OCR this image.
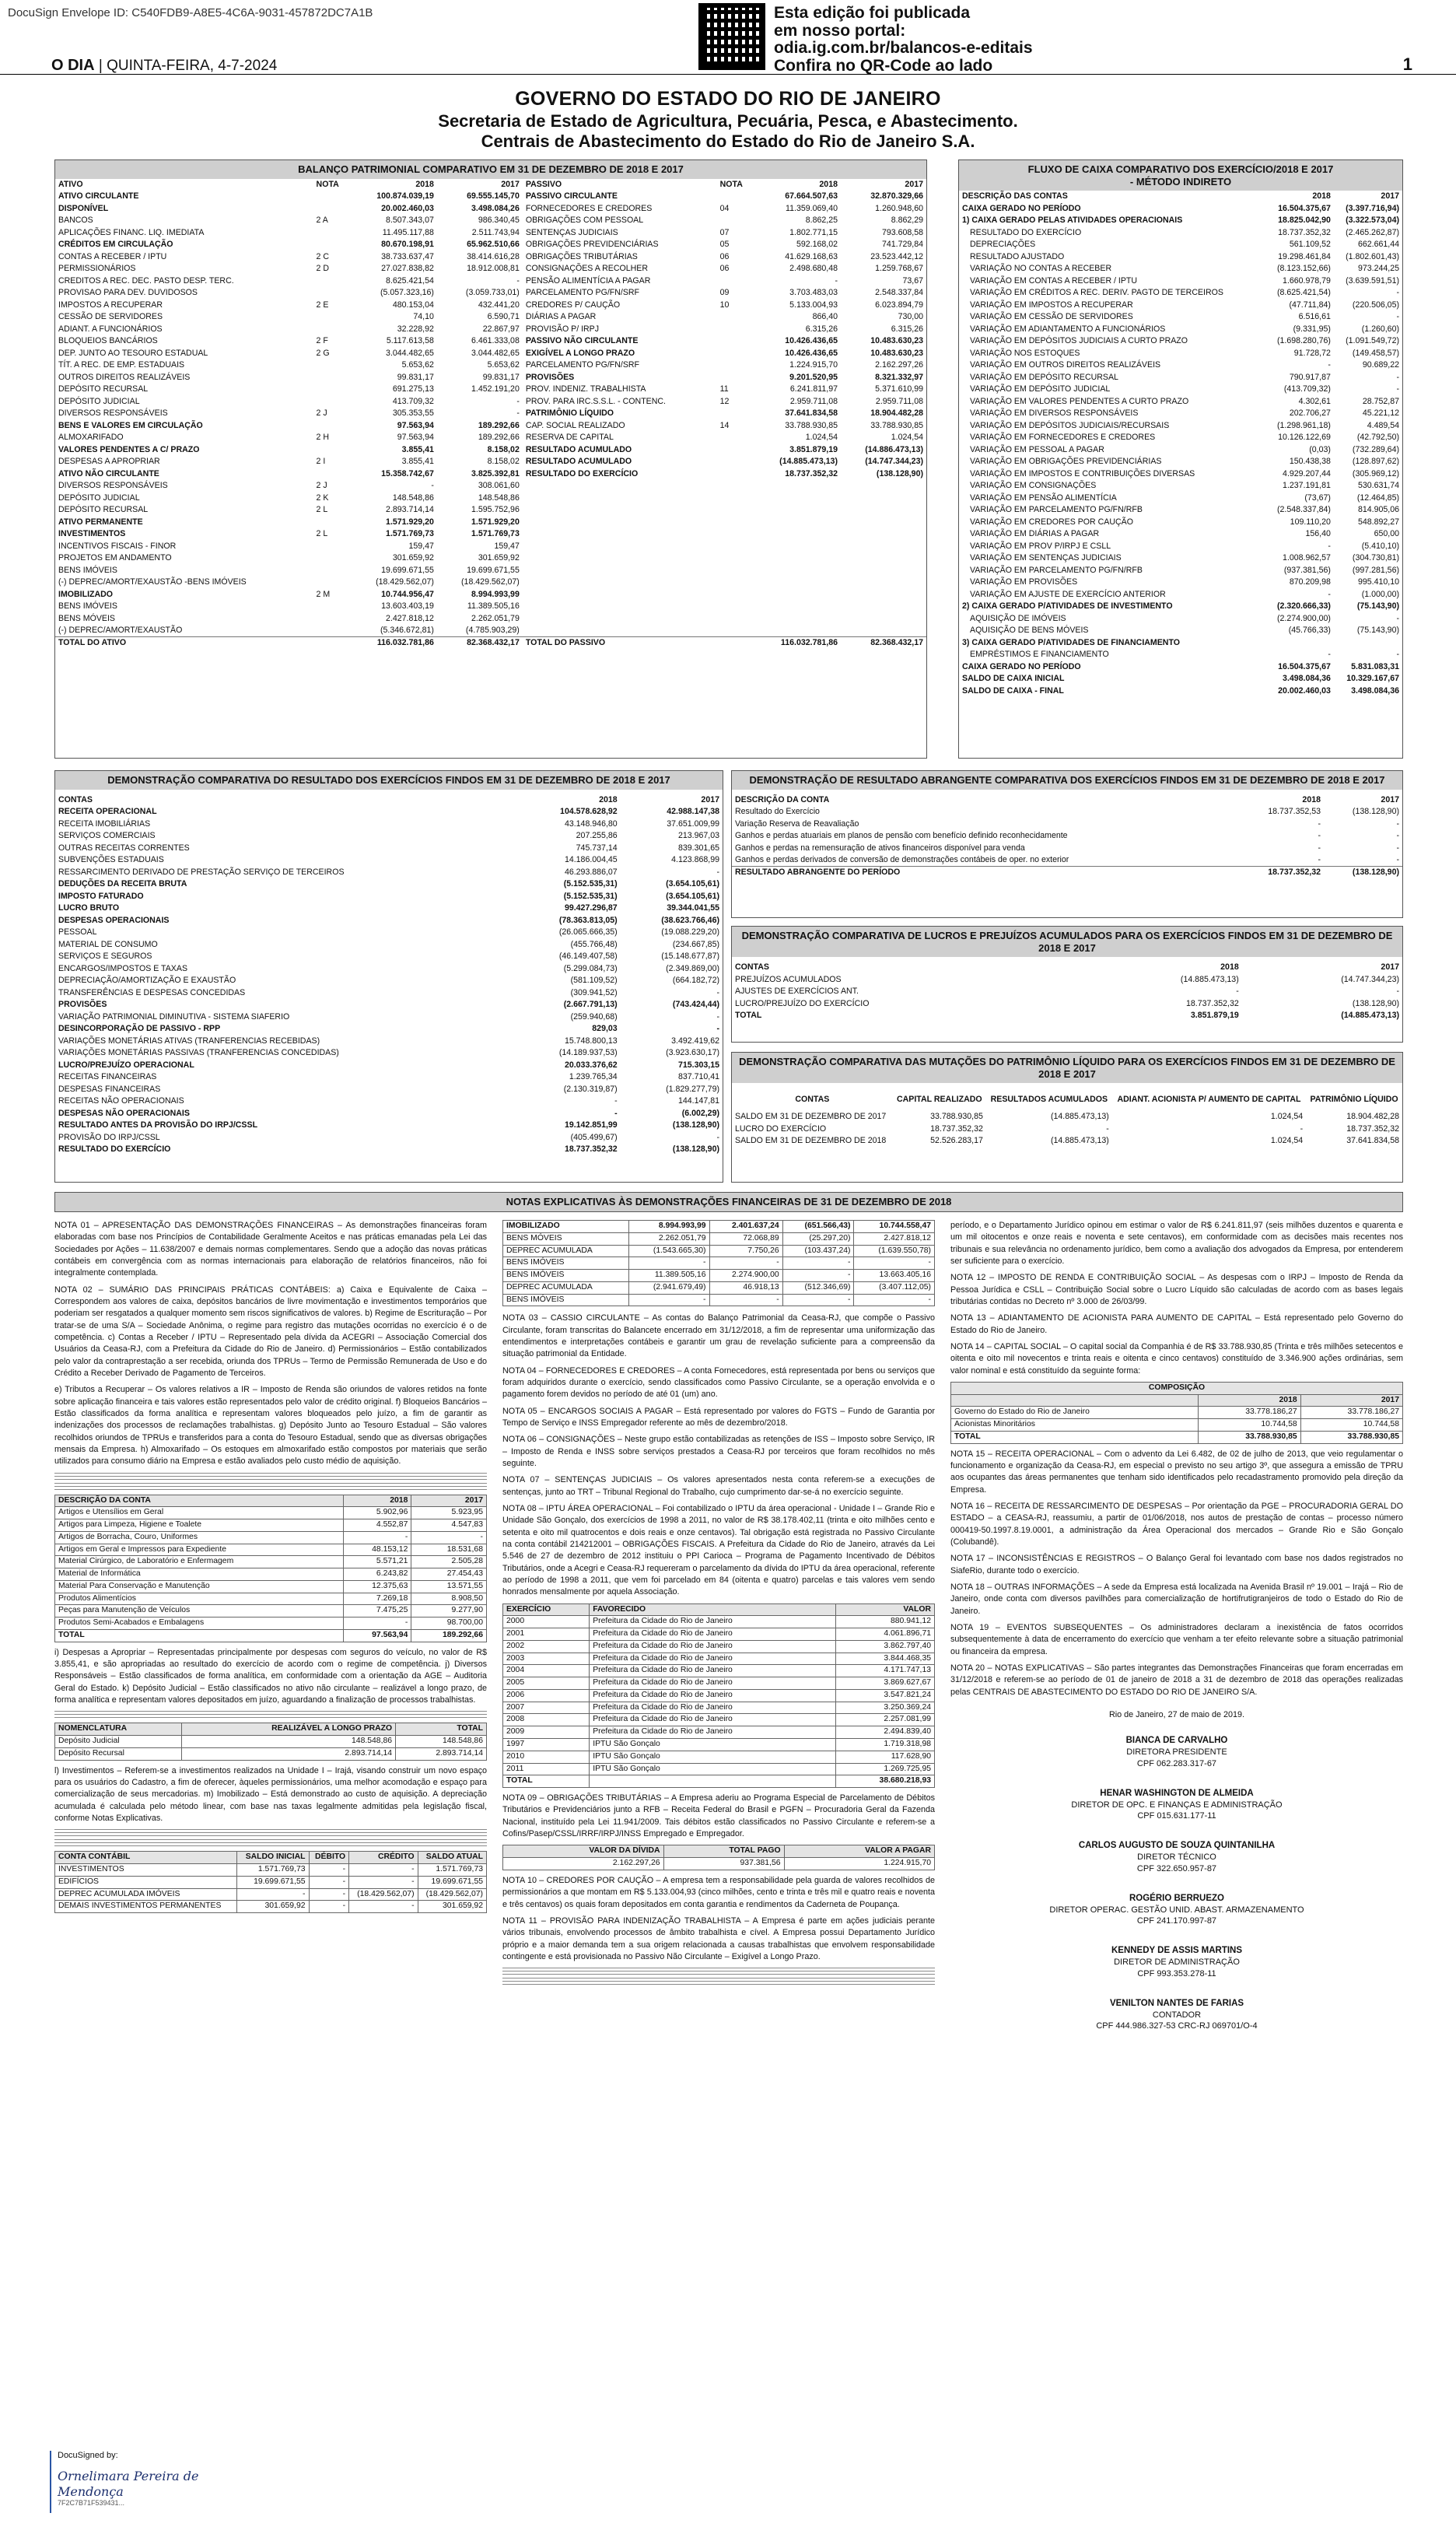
DocuSign Envelope ID: C540FDB9-A8E5-4C6A-9031-457872DC7A1B	Esta edição foi publicada
em nosso portal:
odia.ig.com.br/balancos-e-editais
Confira no QR-Code ao lado
O DIA | QUINTA-FEIRA, 4-7-2024	1
GOVERNO DO ESTADO DO RIO DE JANEIRO
Secretaria de Estado de Agricultura, Pecuária, Pesca, e Abastecimento.
Centrais de Abastecimento do Estado do Rio de Janeiro S.A.
BALANÇO PATRIMONIAL COMPARATIVO EM 31 DE DEZEMBRO DE 2018 E 2017
ATIVO	NOTA	2018	2017	PASSIVO	NOTA	2018	2017
ATIVO CIRCULANTE		100.874.039,19	69.555.145,70	PASSIVO CIRCULANTE		67.664.507,63	32.870.329,66
DISPONÍVEL		20.002.460,03	3.498.084,26	FORNECEDORES E CREDORES	04	11.359.069,40	1.260.948,60
BANCOS	2 A	8.507.343,07	986.340,45	OBRIGAÇÕES COM PESSOAL		8.862,25	8.862,29
APLICAÇÕES FINANC. LIQ. IMEDIATA		11.495.117,88	2.511.743,94	SENTENÇAS JUDICIAIS	07	1.802.771,15	793.608,58
CRÉDITOS EM CIRCULAÇÃO		80.670.198,91	65.962.510,66	OBRIGAÇÕES PREVIDENCIÁRIAS	05	592.168,02	741.729,84
CONTAS A RECEBER / IPTU	2 C	38.733.637,47	38.414.616,28	OBRIGAÇÕES TRIBUTÁRIAS	06	41.629.168,63	23.523.442,12
PERMISSIONÁRIOS	2 D	27.027.838,82	18.912.008,81	CONSIGNAÇÕES A RECOLHER	06	2.498.680,48	1.259.768,67
CREDITOS A REC. DEC. PASTO DESP. TERC.		8.625.421,54	-	PENSÃO ALIMENTÍCIA A PAGAR		-	73,67
PROVISAO PARA DEV. DUVIDOSOS		(5.057.323,16)	(3.059.733,01)	PARCELAMENTO PG/FN/SRF	09	3.703.483,03	2.548.337,84
IMPOSTOS A RECUPERAR	2 E	480.153,04	432.441,20	CREDORES P/ CAUÇÃO	10	5.133.004,93	6.023.894,79
CESSÃO DE SERVIDORES		74,10	6.590,71	DIÁRIAS A PAGAR		866,40	730,00
ADIANT. A FUNCIONÁRIOS		32.228,92	22.867,97	PROVISÃO P/ IRPJ		6.315,26	6.315,26
BLOQUEIOS BANCÁRIOS	2 F	5.117.613,58	6.461.333,08	PASSIVO NÃO CIRCULANTE		10.426.436,65	10.483.630,23
DEP. JUNTO AO TESOURO ESTADUAL	2 G	3.044.482,65	3.044.482,65	EXIGÍVEL A LONGO PRAZO		10.426.436,65	10.483.630,23
TÍT. A REC. DE EMP. ESTADUAIS		5.653,62	5.653,62	PARCELAMENTO PG/FN/SRF		1.224.915,70	2.162.297,26
OUTROS DIREITOS REALIZÁVEIS		99.831,17	99.831,17	PROVISÕES		9.201.520,95	8.321.332,97
DEPÓSITO RECURSAL		691.275,13	1.452.191,20	PROV. INDENIZ. TRABALHISTA	11	6.241.811,97	5.371.610,99
DEPÓSITO JUDICIAL		413.709,32	-	PROV. PARA IRC.S.S.L. - CONTENC.	12	2.959.711,08	2.959.711,08
DIVERSOS RESPONSÁVEIS	2 J	305.353,55	-	PATRIMÔNIO LÍQUIDO		37.641.834,58	18.904.482,28
BENS E VALORES EM CIRCULAÇÃO		97.563,94	189.292,66	CAP. SOCIAL REALIZADO	14	33.788.930,85	33.788.930,85
ALMOXARIFADO	2 H	97.563,94	189.292,66	RESERVA DE CAPITAL		1.024,54	1.024,54
VALORES PENDENTES A C/ PRAZO		3.855,41	8.158,02	RESULTADO ACUMULADO		3.851.879,19	(14.886.473,13)
DESPESAS A APROPRIAR	2 I	3.855,41	8.158,02	RESULTADO ACUMULADO		(14.885.473,13)	(14.747.344,23)
ATIVO NÃO CIRCULANTE		15.358.742,67	3.825.392,81	RESULTADO DO EXERCÍCIO		18.737.352,32	(138.128,90)
DIVERSOS RESPONSÁVEIS	2 J	-	308.061,60				
DEPÓSITO JUDICIAL	2 K	148.548,86	148.548,86				
DEPÓSITO RECURSAL	2 L	2.893.714,14	1.595.752,96				
ATIVO PERMANENTE		1.571.929,20	1.571.929,20				
INVESTIMENTOS	2 L	1.571.769,73	1.571.769,73				
INCENTIVOS FISCAIS - FINOR		159,47	159,47				
PROJETOS EM ANDAMENTO		301.659,92	301.659,92				
BENS IMÓVEIS		19.699.671,55	19.699.671,55				
(-) DEPREC/AMORT/EXAUSTÃO -BENS IMÓVEIS		(18.429.562,07)	(18.429.562,07)				
IMOBILIZADO	2 M	10.744.956,47	8.994.993,99				
BENS IMÓVEIS		13.603.403,19	11.389.505,16				
BENS MÓVEIS		2.427.818,12	2.262.051,79				
(-) DEPREC/AMORT/EXAUSTÃO		(5.346.672,81)	(4.785.903,29)				
TOTAL DO ATIVO		116.032.781,86	82.368.432,17	TOTAL DO PASSIVO		116.032.781,86	82.368.432,17
FLUXO DE CAIXA COMPARATIVO DOS EXERCÍCIO/2018 E 2017
- MÉTODO INDIRETO
DESCRIÇÃO DAS CONTAS	2018	2017
CAIXA GERADO NO PERÍODO	16.504.375,67	(3.397.716,94)
1) CAIXA GERADO PELAS ATIVIDADES OPERACIONAIS	18.825.042,90	(3.322.573,04)
RESULTADO DO EXERCÍCIO	18.737.352,32	(2.465.262,87)
DEPRECIAÇÕES	561.109,52	662.661,44
RESULTADO AJUSTADO	19.298.461,84	(1.802.601,43)
VARIAÇÃO NO CONTAS A RECEBER	(8.123.152,66)	973.244,25
VARIAÇÃO EM CONTAS A RECEBER / IPTU	1.660.978,79	(3.639.591,51)
VARIAÇÃO EM CRÉDITOS A REC. DERIV. PAGTO DE TERCEIROS	(8.625.421,54)	-
VARIAÇÃO EM IMPOSTOS A RECUPERAR	(47.711,84)	(220.506,05)
VARIAÇÃO EM CESSÃO DE SERVIDORES	6.516,61	-
VARIAÇÃO EM ADIANTAMENTO A FUNCIONÁRIOS	(9.331,95)	(1.260,60)
VARIAÇÃO EM DEPÓSITOS JUDICIAIS A CURTO PRAZO	(1.698.280,76)	(1.091.549,72)
VARIAÇÃO NOS ESTOQUES	91.728,72	(149.458,57)
VARIAÇÃO EM OUTROS DIREITOS REALIZÁVEIS	-	90.689,22
VARIAÇÃO EM DEPÓSITO RECURSAL	790.917,87	-
VARIAÇÃO EM DEPÓSITO JUDICIAL	(413.709,32)	-
VARIAÇÃO EM VALORES PENDENTES A CURTO PRAZO	4.302,61	28.752,87
VARIAÇÃO EM DIVERSOS RESPONSÁVEIS	202.706,27	45.221,12
VARIAÇÃO EM DEPÓSITOS JUDICIAIS/RECURSAIS	(1.298.961,18)	4.489,54
VARIAÇÃO EM FORNECEDORES E CREDORES	10.126.122,69	(42.792,50)
VARIAÇÃO EM PESSOAL A PAGAR	(0,03)	(732.289,64)
VARIAÇÃO EM OBRIGAÇÕES PREVIDENCIÁRIAS	150.438,38	(128.897,62)
VARIAÇÃO EM IMPOSTOS E CONTRIBUIÇÕES DIVERSAS	4.929.207,44	(305.969,12)
VARIAÇÃO EM CONSIGNAÇÕES	1.237.191,81	530.631,74
VARIAÇÃO EM PENSÃO ALIMENTÍCIA	(73,67)	(12.464,85)
VARIAÇÃO EM PARCELAMENTO PG/FN/RFB	(2.548.337,84)	814.905,06
VARIAÇÃO EM CREDORES POR CAUÇÃO	109.110,20	548.892,27
VARIAÇÃO EM DIÁRIAS A PAGAR	156,40	650,00
VARIAÇÃO EM PROV P/IRPJ E CSLL	-	(5.410,10)
VARIAÇÃO EM SENTENÇAS JUDICIAIS	1.008.962,57	(304.730,81)
VARIAÇÃO EM PARCELAMENTO PG/FN/RFB	(937.381,56)	(997.281,56)
VARIAÇÃO EM PROVISÕES	870.209,98	995.410,10
VARIAÇÃO EM AJUSTE DE EXERCÍCIO ANTERIOR	-	(1.000,00)
2) CAIXA GERADO P/ATIVIDADES DE INVESTIMENTO	(2.320.666,33)	(75.143,90)
AQUISIÇÃO DE IMÓVEIS	(2.274.900,00)	-
AQUISIÇÃO DE BENS MÓVEIS	(45.766,33)	(75.143,90)
3) CAIXA GERADO P/ATIVIDADES DE FINANCIAMENTO		
EMPRÉSTIMOS E FINANCIAMENTO	-	-
CAIXA GERADO NO PERÍODO	16.504.375,67	5.831.083,31
SALDO DE CAIXA INICIAL	3.498.084,36	10.329.167,67
SALDO DE CAIXA - FINAL	20.002.460,03	3.498.084,36
DEMONSTRAÇÃO COMPARATIVA DO RESULTADO DOS EXERCÍCIOS FINDOS EM 31 DE DEZEMBRO DE 2018 E 2017
CONTAS	2018	2017
RECEITA OPERACIONAL	104.578.628,92	42.988.147,38
RECEITA IMOBILIÁRIAS	43.148.946,80	37.651.009,99
SERVIÇOS COMERCIAIS	207.255,86	213.967,03
OUTRAS RECEITAS CORRENTES	745.737,14	839.301,65
SUBVENÇÕES ESTADUAIS	14.186.004,45	4.123.868,99
RESSARCIMENTO DERIVADO DE PRESTAÇÃO SERVIÇO DE TERCEIROS	46.293.886,07	-
DEDUÇÕES DA RECEITA BRUTA	(5.152.535,31)	(3.654.105,61)
IMPOSTO FATURADO	(5.152.535,31)	(3.654.105,61)
LUCRO BRUTO	99.427.296,87	39.344.041,55
DESPESAS OPERACIONAIS	(78.363.813,05)	(38.623.766,46)
PESSOAL	(26.065.666,35)	(19.088.229,20)
MATERIAL DE CONSUMO	(455.766,48)	(234.667,85)
SERVIÇOS E SEGUROS	(46.149.407,58)	(15.148.677,87)
ENCARGOS/IMPOSTOS E TAXAS	(5.299.084,73)	(2.349.869,00)
DEPRECIAÇÃO/AMORTIZAÇÃO E EXAUSTÃO	(581.109,52)	(664.182,72)
TRANSFERÊNCIAS E DESPESAS CONCEDIDAS	(309.941,52)	-
PROVISÕES	(2.667.791,13)	(743.424,44)
VARIAÇÃO PATRIMONIAL DIMINUTIVA - SISTEMA SIAFERIO	(259.940,68)	-
DESINCORPORAÇÃO DE PASSIVO - RPP	829,03	-
VARIAÇÕES MONETÁRIAS ATIVAS (TRANFERENCIAS RECEBIDAS)	15.748.800,13	3.492.419,62
VARIAÇÕES MONETÁRIAS PASSIVAS (TRANFERENCIAS CONCEDIDAS)	(14.189.937,53)	(3.923.630,17)
LUCRO/PREJUÍZO OPERACIONAL	20.033.376,62	715.303,15
RECEITAS FINANCEIRAS	1.239.765,34	837.710,41
DESPESAS FINANCEIRAS	(2.130.319,87)	(1.829.277,79)
RECEITAS NÃO OPERACIONAIS	-	144.147,81
DESPESAS NÃO OPERACIONAIS	-	(6.002,29)
RESULTADO ANTES DA PROVISÃO DO IRPJ/CSSL	19.142.851,99	(138.128,90)
PROVISÃO DO IRPJ/CSSL	(405.499,67)	-
RESULTADO DO EXERCÍCIO	18.737.352,32	(138.128,90)
DEMONSTRAÇÃO DE RESULTADO ABRANGENTE COMPARATIVA DOS EXERCÍCIOS FINDOS EM 31 DE DEZEMBRO DE 2018 E 2017
DESCRIÇÃO DA CONTA	2018	2017
Resultado do Exercício	18.737.352,53	(138.128,90)
Variação Reserva de Reavaliação	-	-
Ganhos e perdas atuariais em planos de pensão com benefício definido reconhecidamente	-	-
Ganhos e perdas na remensuração de ativos financeiros disponível para venda	-	-
Ganhos e perdas derivados de conversão de demonstrações contábeis de oper. no exterior	-	-
RESULTADO ABRANGENTE DO PERÍODO	18.737.352,32	(138.128,90)
DEMONSTRAÇÃO COMPARATIVA DE LUCROS E PREJUÍZOS ACUMULADOS PARA OS EXERCÍCIOS FINDOS EM 31 DE DEZEMBRO DE 2018 E 2017
CONTAS	2018	2017
PREJUÍZOS ACUMULADOS	(14.885.473,13)	(14.747.344,23)
AJUSTES DE EXERCÍCIOS ANT.	-	-
LUCRO/PREJUÍZO DO EXERCÍCIO	18.737.352,32	(138.128,90)
TOTAL	3.851.879,19	(14.885.473,13)
DEMONSTRAÇÃO COMPARATIVA DAS MUTAÇÕES DO PATRIMÔNIO LÍQUIDO PARA OS EXERCÍCIOS FINDOS EM 31 DE DEZEMBRO DE 2018 E 2017
CONTAS	CAPITAL REALIZADO	RESULTADOS ACUMULADOS	ADIANT. ACIONISTA P/ AUMENTO DE CAPITAL	PATRIMÔNIO LÍQUIDO
SALDO EM 31 DE DEZEMBRO DE 2017	33.788.930,85	(14.885.473,13)	1.024,54	18.904.482,28
LUCRO DO EXERCÍCIO	18.737.352,32	-	-	18.737.352,32
SALDO EM 31 DE DEZEMBRO DE 2018	52.526.283,17	(14.885.473,13)	1.024,54	37.641.834,58
NOTAS EXPLICATIVAS ÀS DEMONSTRAÇÕES FINANCEIRAS DE 31 DE DEZEMBRO DE 2018

NOTA 01 – APRESENTAÇÃO DAS DEMONSTRAÇÕES FINANCEIRAS – As demonstrações financeiras foram elaboradas com base nos Princípios de Contabilidade Geralmente Aceitos e nas práticas emanadas pela Lei das Sociedades por Ações – 11.638/2007 e demais normas complementares. Sendo que a adoção das novas práticas contábeis em convergência com as normas internacionais para elaboração de relatórios financeiros, não foi integralmente contemplada.

NOTA 02 – SUMÁRIO DAS PRINCIPAIS PRÁTICAS CONTÁBEIS: a) Caixa e Equivalente de Caixa – Correspondem aos valores de caixa, depósitos bancários de livre movimentação e investimentos temporários que poderiam ser resgatados a qualquer momento sem riscos significativos de valores. b) Regime de Escrituração – Por tratar-se de uma S/A – Sociedade Anônima, o regime para registro das mutações ocorridas no exercício é o de competência. c) Contas a Receber / IPTU – Representado pela dívida da ACEGRI – Associação Comercial dos Usuários da Ceasa-RJ, com a Prefeitura da Cidade do Rio de Janeiro. d) Permissionários – Estão contabilizados pelo valor da contraprestação a ser recebida, oriunda dos TPRUs – Termo de Permissão Remunerada de Uso e do Crédito a Receber Derivado de Pagamento de Terceiros.

e) Tributos a Recuperar – Os valores relativos a IR – Imposto de Renda são oriundos de valores retidos na fonte sobre aplicação financeira e tais valores estão representados pelo valor de crédito original. f) Bloqueios Bancários – Estão classificados da forma analítica e representam valores bloqueados pelo juízo, a fim de garantir as indenizações dos processos de reclamações trabalhistas. g) Depósito Junto ao Tesouro Estadual – São valores recolhidos oriundos de TPRUs e transferidos para a conta do Tesouro Estadual, sendo que as diversas obrigações mensais da Empresa. h) Almoxarifado – Os estoques em almoxarifado estão compostos por materiais que serão utilizados para consumo diário na Empresa e estão avaliados pelo custo médio de aquisição.

DESCRIÇÃO DA CONTA	2018	2017
Artigos e Utensílios em Geral	5.902,96	5.923,95
Artigos para Limpeza, Higiene e Toalete	4.552,87	4.547,83
Artigos de Borracha, Couro, Uniformes	-	-
Artigos em Geral e Impressos para Expediente	48.153,12	18.531,68
Material Cirúrgico, de Laboratório e Enfermagem	5.571,21	2.505,28
Material de Informática	6.243,82	27.454,43
Material Para Conservação e Manutenção	12.375,63	13.571,55
Produtos Alimentícios	7.269,18	8.908,50
Peças para Manutenção de Veículos	7.475,25	9.277,90
Produtos Semi-Acabados e Embalagens	-	98.700,00
TOTAL	97.563,94	189.292,66

i) Despesas a Apropriar – Representadas principalmente por despesas com seguros do veículo, no valor de R$ 3.855,41, e são apropriadas ao resultado do exercício de acordo com o regime de competência. j) Diversos Responsáveis – Estão classificados de forma analítica, em conformidade com a orientação da AGE – Auditoria Geral do Estado. k) Depósito Judicial – Estão classificados no ativo não circulante – realizável a longo prazo, de forma analítica e representam valores depositados em juízo, aguardando a finalização de processos trabalhistas.

NOMENCLATURA	REALIZÁVEL A LONGO PRAZO	TOTAL
Depósito Judicial	148.548,86	148.548,86
Depósito Recursal	2.893.714,14	2.893.714,14

l) Investimentos – Referem-se a investimentos realizados na Unidade I – Irajá, visando construir um novo espaço para os usuários do Cadastro, a fim de oferecer, àqueles permissionários, uma melhor acomodação e espaço para comercialização de seus mercadorias. m) Imobilizado – Está demonstrado ao custo de aquisição. A depreciação acumulada é calculada pelo método linear, com base nas taxas legalmente admitidas pela legislação fiscal, conforme Notas Explicativas.

CONTA CONTÁBIL	SALDO INICIAL	DÉBITO	CRÉDITO	SALDO ATUAL
INVESTIMENTOS	1.571.769,73	-	-	1.571.769,73
EDIFÍCIOS	19.699.671,55	-	-	19.699.671,55
DEPREC ACUMULADA IMÓVEIS	-	-	(18.429.562,07)	(18.429.562,07)
DEMAIS INVESTIMENTOS PERMANENTES	301.659,92	-	-	301.659,92
IMOBILIZADO	8.994.993,99	2.401.637,24	(651.566,43)	10.744.558,47
BENS MÓVEIS	2.262.051,79	72.068,89	(25.297,20)	2.427.818,12
DEPREC ACUMULADA	(1.543.665,30)	7.750,26	(103.437,24)	(1.639.550,78)
BENS IMÓVEIS	-	-	-	-
BENS IMÓVEIS	11.389.505,16	2.274.900,00	-	13.663.405,16
DEPREC ACUMULADA	(2.941.679,49)	46.918,13	(512.346,69)	(3.407.112,05)
BENS IMÓVEIS	-	-	-	-

NOTA 03 – CASSIO CIRCULANTE – As contas do Balanço Patrimonial da Ceasa-RJ, que compõe o Passivo Circulante, foram transcritas do Balancete encerrado em 31/12/2018, a fim de representar uma uniformização das entendimentos e interpretações contábeis e garantir um grau de revelação suficiente para a compreensão da situação patrimonial da Entidade.

NOTA 04 – FORNECEDORES E CREDORES – A conta Fornecedores, está representada por bens ou serviços que foram adquiridos durante o exercício, sendo classificados como Passivo Circulante, se a operação envolvida e o pagamento forem devidos no período de até 01 (um) ano.

NOTA 05 – ENCARGOS SOCIAIS A PAGAR – Está representado por valores do FGTS – Fundo de Garantia por Tempo de Serviço e INSS Empregador referente ao mês de dezembro/2018.

NOTA 06 – CONSIGNAÇÕES – Neste grupo estão contabilizadas as retenções de ISS – Imposto sobre Serviço, IR – Imposto de Renda e INSS sobre serviços prestados a Ceasa-RJ por terceiros que foram recolhidos no mês seguinte.

NOTA 07 – SENTENÇAS JUDICIAIS – Os valores apresentados nesta conta referem-se a execuções de sentenças, junto ao TRT – Tribunal Regional do Trabalho, cujo cumprimento dar-se-á no exercício seguinte.

NOTA 08 – IPTU ÁREA OPERACIONAL – Foi contabilizado o IPTU da área operacional - Unidade I – Grande Rio e Unidade São Gonçalo, dos exercícios de 1998 a 2011, no valor de R$ 38.178.402,11 (trinta e oito milhões cento e setenta e oito mil quatrocentos e dois reais e onze centavos). Tal obrigação está registrada no Passivo Circulante na conta contábil 214212001 – OBRIGAÇÕES FISCAIS. A Prefeitura da Cidade do Rio de Janeiro, através da Lei 5.546 de 27 de dezembro de 2012 instituiu o PPI Carioca – Programa de Pagamento Incentivado de Débitos Tributários, onde a Acegri e Ceasa-RJ requereram o parcelamento da dívida do IPTU da área operacional, referente ao período de 1998 a 2011, que vem foi parcelado em 84 (oitenta e quatro) parcelas e tais valores vem sendo honrados mensalmente por aquela Associação.

EXERCÍCIO	FAVORECIDO	VALOR
2000	Prefeitura da Cidade do Rio de Janeiro	880.941,12
2001	Prefeitura da Cidade do Rio de Janeiro	4.061.896,71
2002	Prefeitura da Cidade do Rio de Janeiro	3.862.797,40
2003	Prefeitura da Cidade do Rio de Janeiro	3.844.468,35
2004	Prefeitura da Cidade do Rio de Janeiro	4.171.747,13
2005	Prefeitura da Cidade do Rio de Janeiro	3.869.627,67
2006	Prefeitura da Cidade do Rio de Janeiro	3.547.821,24
2007	Prefeitura da Cidade do Rio de Janeiro	3.250.369,24
2008	Prefeitura da Cidade do Rio de Janeiro	2.257.081,99
2009	Prefeitura da Cidade do Rio de Janeiro	2.494.839,40
1997	IPTU São Gonçalo	1.719.318,98
2010	IPTU São Gonçalo	117.628,90
2011	IPTU São Gonçalo	1.269.725,95
TOTAL		38.680.218,93

NOTA 09 – OBRIGAÇÕES TRIBUTÁRIAS – A Empresa aderiu ao Programa Especial de Parcelamento de Débitos Tributários e Previdenciários junto a RFB – Receita Federal do Brasil e PGFN – Procuradoria Geral da Fazenda Nacional, instituído pela Lei 11.941/2009. Tais débitos estão classificados no Passivo Circulante e referem-se a Cofins/Pasep/CSSL/IRRF/IRPJ/INSS Empregado e Empregador.

VALOR DA DÍVIDA	TOTAL PAGO	VALOR A PAGAR
2.162.297,26	937.381,56	1.224.915,70

NOTA 10 – CREDORES POR CAUÇÃO – A empresa tem a responsabilidade pela guarda de valores recolhidos de permissionários a que montam em R$ 5.133.004,93 (cinco milhões, cento e trinta e três mil e quatro reais e noventa e três centavos) os quais foram depositados em conta garantia e rendimentos da Caderneta de Poupança.

NOTA 11 – PROVISÃO PARA INDENIZAÇÃO TRABALHISTA – A Empresa é parte em ações judiciais perante vários tribunais, envolvendo processos de âmbito trabalhista e cível. A Empresa possui Departamento Jurídico próprio e a maior demanda tem a sua origem relacionada a causas trabalhistas que envolvem responsabilidade contingente e está provisionada no Passivo Não Circulante – Exigível a Longo Prazo.

período, e o Departamento Jurídico opinou em estimar o valor de R$ 6.241.811,97 (seis milhões duzentos e quarenta e um mil oitocentos e onze reais e noventa e sete centavos), em conformidade com as decisões mais recentes nos tribunais e sua relevância no ordenamento jurídico, bem como a avaliação dos advogados da Empresa, por entenderem ser suficiente para o exercício.

NOTA 12 – IMPOSTO DE RENDA E CONTRIBUIÇÃO SOCIAL – As despesas com o IRPJ – Imposto de Renda da Pessoa Jurídica e CSLL – Contribuição Social sobre o Lucro Líquido são calculadas de acordo com as bases legais tributárias contidas no Decreto nº 3.000 de 26/03/99.

NOTA 13 – ADIANTAMENTO DE ACIONISTA PARA AUMENTO DE CAPITAL – Está representado pelo Governo do Estado do Rio de Janeiro.

NOTA 14 – CAPITAL SOCIAL – O capital social da Companhia é de R$ 33.788.930,85 (Trinta e três milhões setecentos e oitenta e oito mil novecentos e trinta reais e oitenta e cinco centavos) constituído de 3.346.900 ações ordinárias, sem valor nominal e está constituído da seguinte forma:

COMPOSIÇÃO		
	2018	2017
Governo do Estado do Rio de Janeiro	33.778.186,27	33.778.186,27
Acionistas Minoritários	10.744,58	10.744,58
TOTAL	33.788.930,85	33.788.930,85

NOTA 15 – RECEITA OPERACIONAL – Com o advento da Lei 6.482, de 02 de julho de 2013, que veio regulamentar o funcionamento e organização da Ceasa-RJ, em especial o previsto no seu artigo 3º, que assegura a emissão de TPRU aos ocupantes das áreas permanentes que tenham sido identificados pelo recadastramento promovido pela direção da Empresa.

NOTA 16 – RECEITA DE RESSARCIMENTO DE DESPESAS – Por orientação da PGE – PROCURADORIA GERAL DO ESTADO – a CEASA-RJ, reassumiu, a partir de 01/06/2018, nos autos de prestação de contas – processo número 000419-50.1997.8.19.0001, a administração da Área Operacional dos mercados – Grande Rio e São Gonçalo (Colubandê).

NOTA 17 – INCONSISTÊNCIAS E REGISTROS – O Balanço Geral foi levantado com base nos dados registrados no SiafeRio, durante todo o exercício.

NOTA 18 – OUTRAS INFORMAÇÕES – A sede da Empresa está localizada na Avenida Brasil nº 19.001 – Irajá – Rio de Janeiro, onde conta com diversos pavilhões para comercialização de hortifrutigranjeiros de todo o Estado do Rio de Janeiro.

NOTA 19 – EVENTOS SUBSEQUENTES – Os administradores declaram a inexistência de fatos ocorridos subsequentemente à data de encerramento do exercício que venham a ter efeito relevante sobre a situação patrimonial ou financeira da empresa.

NOTA 20 – NOTAS EXPLICATIVAS – São partes integrantes das Demonstrações Financeiras que foram encerradas em 31/12/2018 e referem-se ao período de 01 de janeiro de 2018 a 31 de dezembro de 2018 das operações realizadas pelas CENTRAIS DE ABASTECIMENTO DO ESTADO DO RIO DE JANEIRO S/A.

Rio de Janeiro, 27 de maio de 2019.
BIANCA DE CARVALHO
DIRETORA PRESIDENTE
CPF 062.283.317-67
HENAR WASHINGTON DE ALMEIDA
DIRETOR DE OPC. E FINANÇAS E ADMINISTRAÇÃO
CPF 015.631.177-11
CARLOS AUGUSTO DE SOUZA QUINTANILHA
DIRETOR TÉCNICO
CPF 322.650.957-87
ROGÉRIO BERRUEZO
DIRETOR OPERAC. GESTÃO UNID. ABAST. ARMAZENAMENTO
CPF 241.170.997-87
KENNEDY DE ASSIS MARTINS
DIRETOR DE ADMINISTRAÇÃO
CPF 993.353.278-11
VENILTON NANTES DE FARIAS
CONTADOR
CPF 444.986.327-53 CRC-RJ 069701/O-4
DocuSigned by:
Ornelimara Pereira de Mendonça
7F2C7B71F539431...
